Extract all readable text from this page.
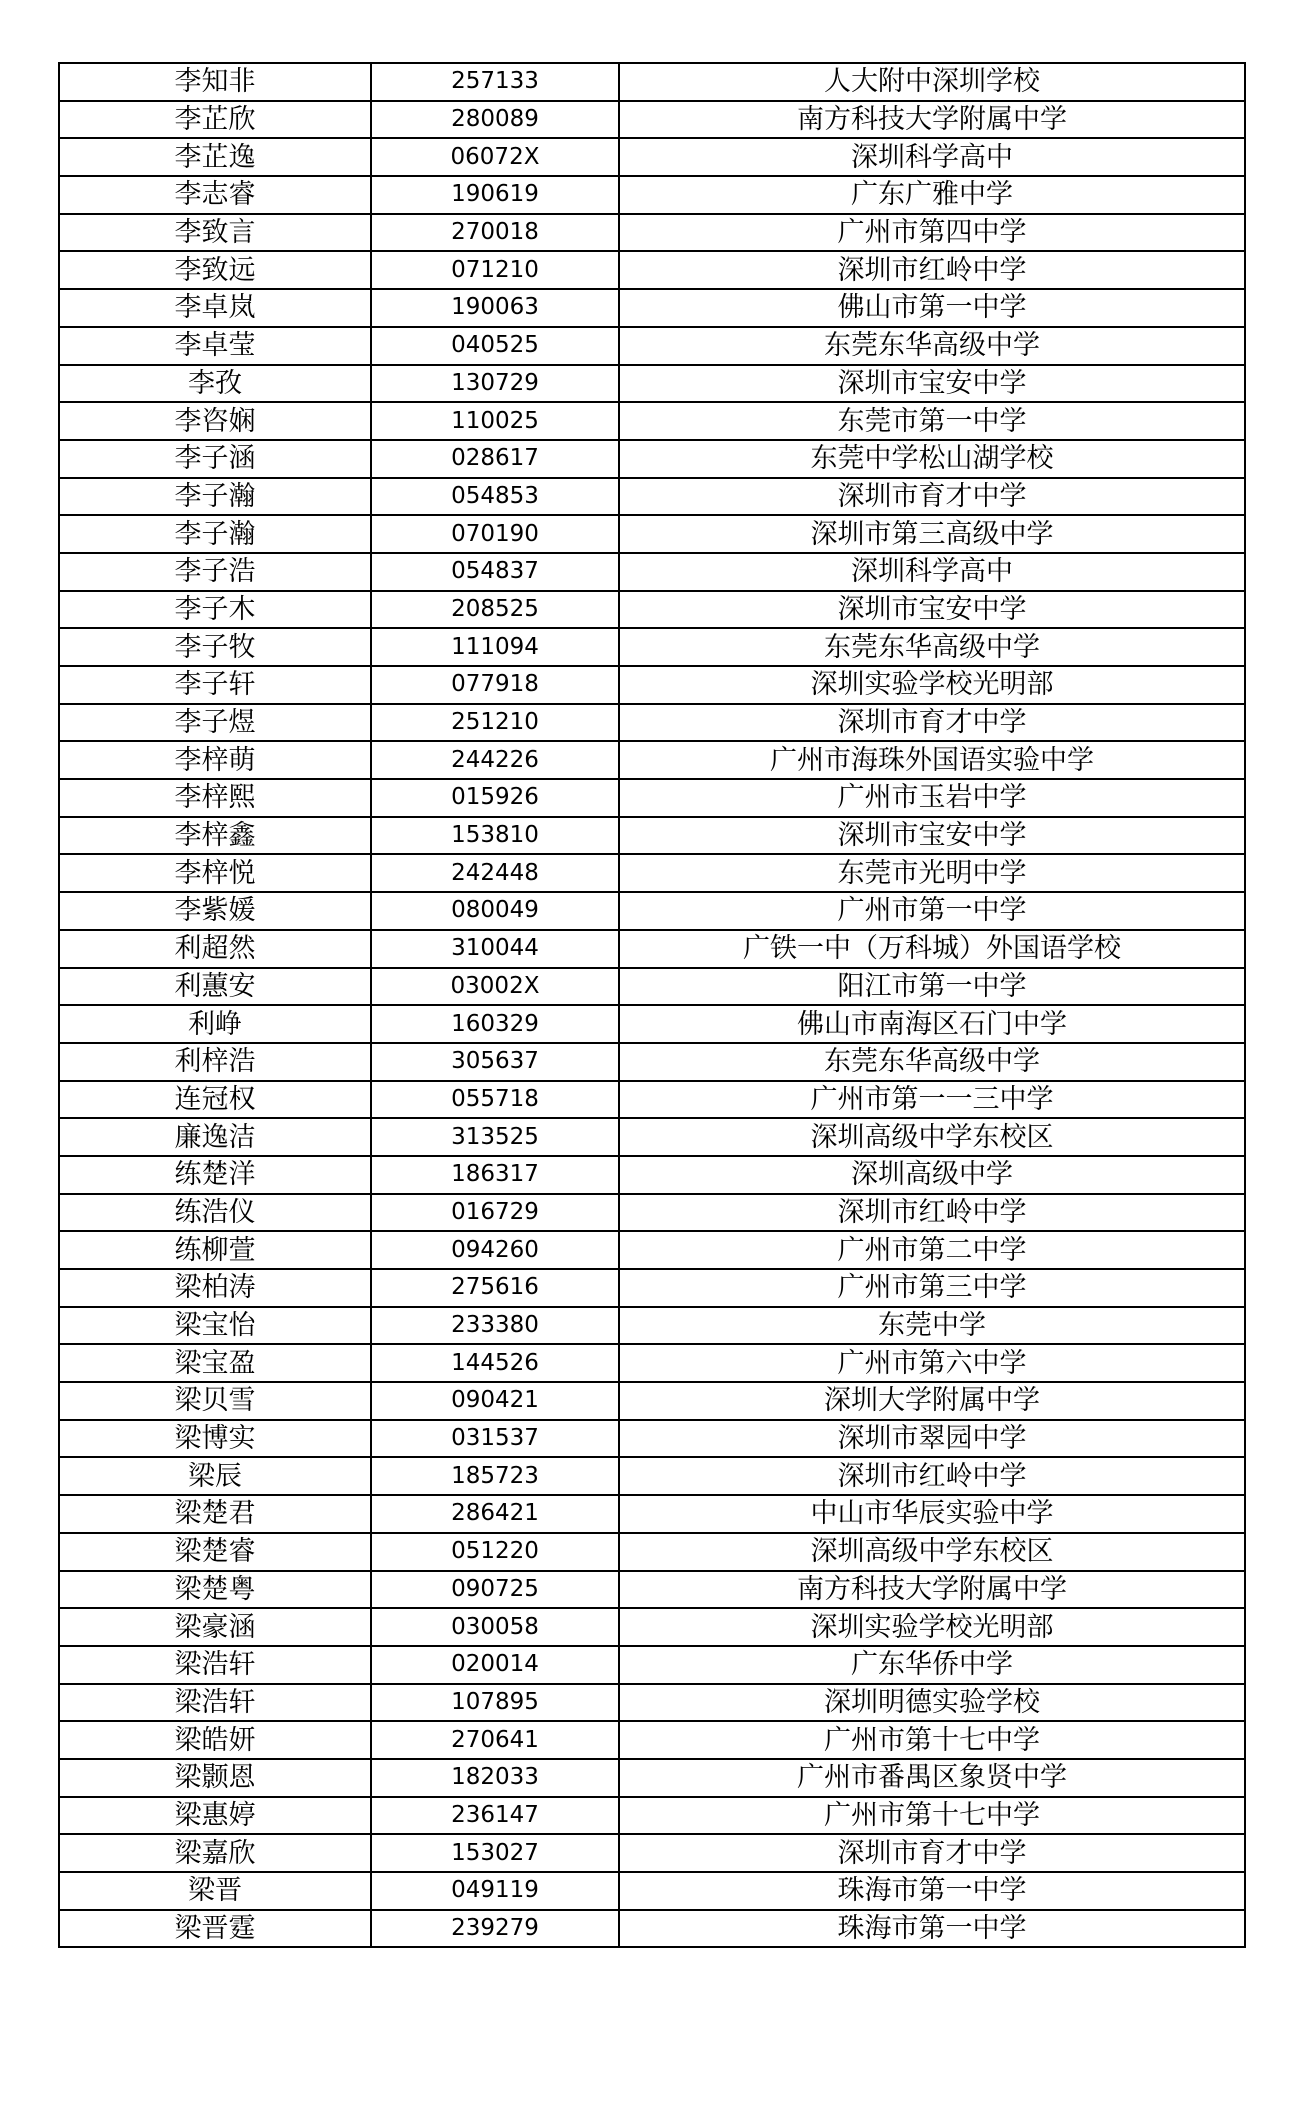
李知非	257133	人大附中深圳学校
李芷欣	280089	南方科技大学附属中学
李芷逸	06072X	深圳科学高中
李志睿	190619	广东广雅中学
李致言	270018	广州市第四中学
李致远	071210	深圳市红岭中学
李卓岚	190063	佛山市第一中学
李卓莹	040525	东莞东华高级中学
李孜	130729	深圳市宝安中学
李咨娴	110025	东莞市第一中学
李子涵	028617	东莞中学松山湖学校
李子瀚	054853	深圳市育才中学
李子瀚	070190	深圳市第三高级中学
李子浩	054837	深圳科学高中
李子木	208525	深圳市宝安中学
李子牧	111094	东莞东华高级中学
李子轩	077918	深圳实验学校光明部
李子煜	251210	深圳市育才中学
李梓萌	244226	广州市海珠外国语实验中学
李梓熙	015926	广州市玉岩中学
李梓鑫	153810	深圳市宝安中学
李梓悦	242448	东莞市光明中学
李紫媛	080049	广州市第一中学
利超然	310044	广铁一中（万科城）外国语学校
利蕙安	03002X	阳江市第一中学
利峥	160329	佛山市南海区石门中学
利梓浩	305637	东莞东华高级中学
连冠权	055718	广州市第一一三中学
廉逸洁	313525	深圳高级中学东校区
练楚洋	186317	深圳高级中学
练浩仪	016729	深圳市红岭中学
练柳萱	094260	广州市第二中学
梁柏涛	275616	广州市第三中学
梁宝怡	233380	东莞中学
梁宝盈	144526	广州市第六中学
梁贝雪	090421	深圳大学附属中学
梁博实	031537	深圳市翠园中学
梁辰	185723	深圳市红岭中学
梁楚君	286421	中山市华辰实验中学
梁楚睿	051220	深圳高级中学东校区
梁楚粤	090725	南方科技大学附属中学
梁豪涵	030058	深圳实验学校光明部
梁浩轩	020014	广东华侨中学
梁浩轩	107895	深圳明德实验学校
梁皓妍	270641	广州市第十七中学
梁颢恩	182033	广州市番禺区象贤中学
梁惠婷	236147	广州市第十七中学
梁嘉欣	153027	深圳市育才中学
梁晋	049119	珠海市第一中学
梁晋霆	239279	珠海市第一中学
